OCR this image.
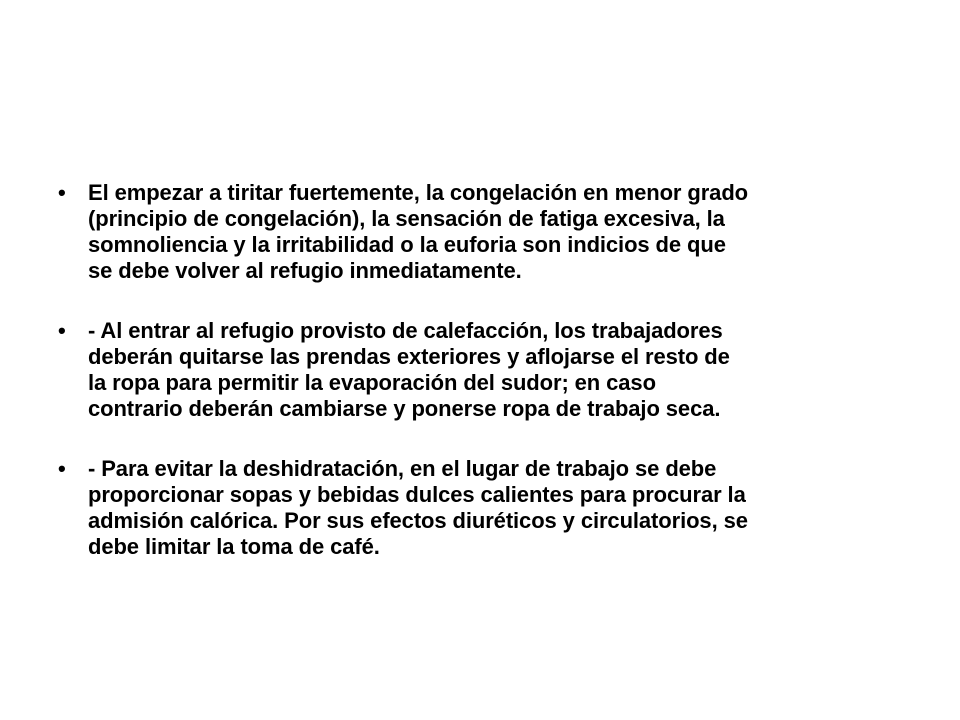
• El empezar a tiritar fuertemente, la congelación en menor grado
(principio de congelación), la sensación de fatiga excesiva, la
somnoliencia y la irritabilidad o la euforia son indicios de que
se debe volver al refugio inmediatamente.
• - Al entrar al refugio provisto de calefacción, los trabajadores
deberán quitarse las prendas exteriores y aflojarse el resto de
la ropa para permitir la evaporación del sudor; en caso
contrario deberán cambiarse y ponerse ropa de trabajo seca.
• - Para evitar la deshidratación, en el lugar de trabajo se debe
proporcionar sopas y bebidas dulces calientes para procurar la
admisión calórica. Por sus efectos diuréticos y circulatorios, se
debe limitar la toma de café.
